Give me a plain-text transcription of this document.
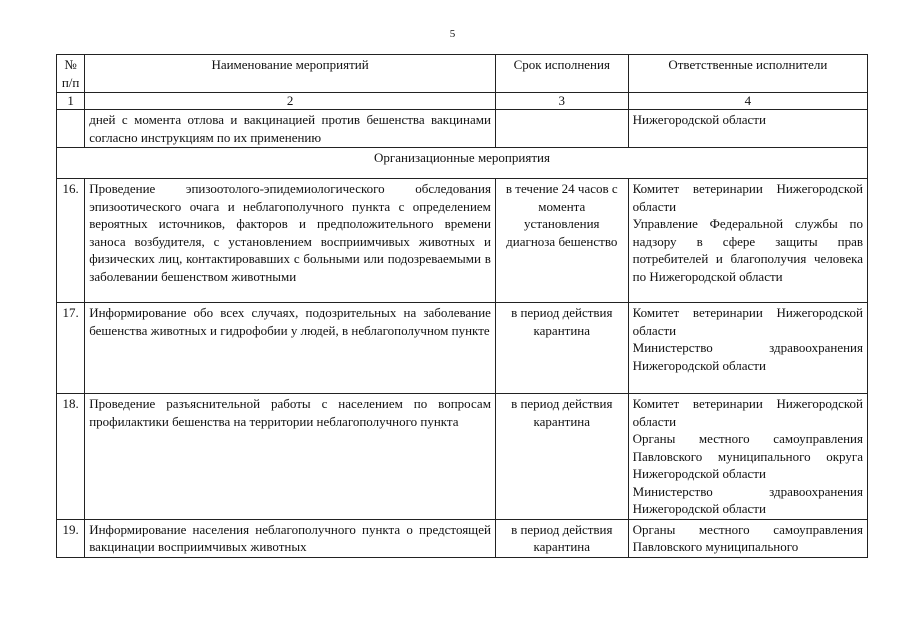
5
№ п/п	Наименование мероприятий	Срок исполнения	Ответственные исполнители
1	2	3	4
	дней с момента отлова и вакцинацией против бешенства вакцинами согласно инструкциям по их применению		Нижегородской области
Организационные мероприятия			
16.	Проведение эпизоотолого-эпидемиологического обследования эпизоотического очага и неблагополучного пункта с определением вероятных источников, факторов и предположительного времени заноса возбудителя, с установлением восприимчивых животных и физических лиц, контактировавших с больными или подозреваемыми в заболевании бешенством животными	в течение 24 часов с момента установления диагноза бешенство	Комитет ветеринарии Нижегородской области
Управление Федеральной службы по надзору в сфере защиты прав потребителей и благополучия человека по Нижегородской области

17.	Информирование обо всех случаях, подозрительных на заболевание бешенства животных и гидрофобии у людей, в неблагополучном пункте	в период действия карантина	Комитет ветеринарии Нижегородской области
Министерство здравоохранения Нижегородской области

18.	Проведение разъяснительной работы с населением по вопросам профилактики бешенства на территории неблагополучного пункта	в период действия карантина	Комитет ветеринарии Нижегородской области
Органы местного самоуправления Павловского муниципального округа Нижегородской области
Министерство здравоохранения Нижегородской области

19.	Информирование населения неблагополучного пункта о предстоящей вакцинации восприимчивых животных	в период действия карантина	Органы местного самоуправления Павловского муниципального
